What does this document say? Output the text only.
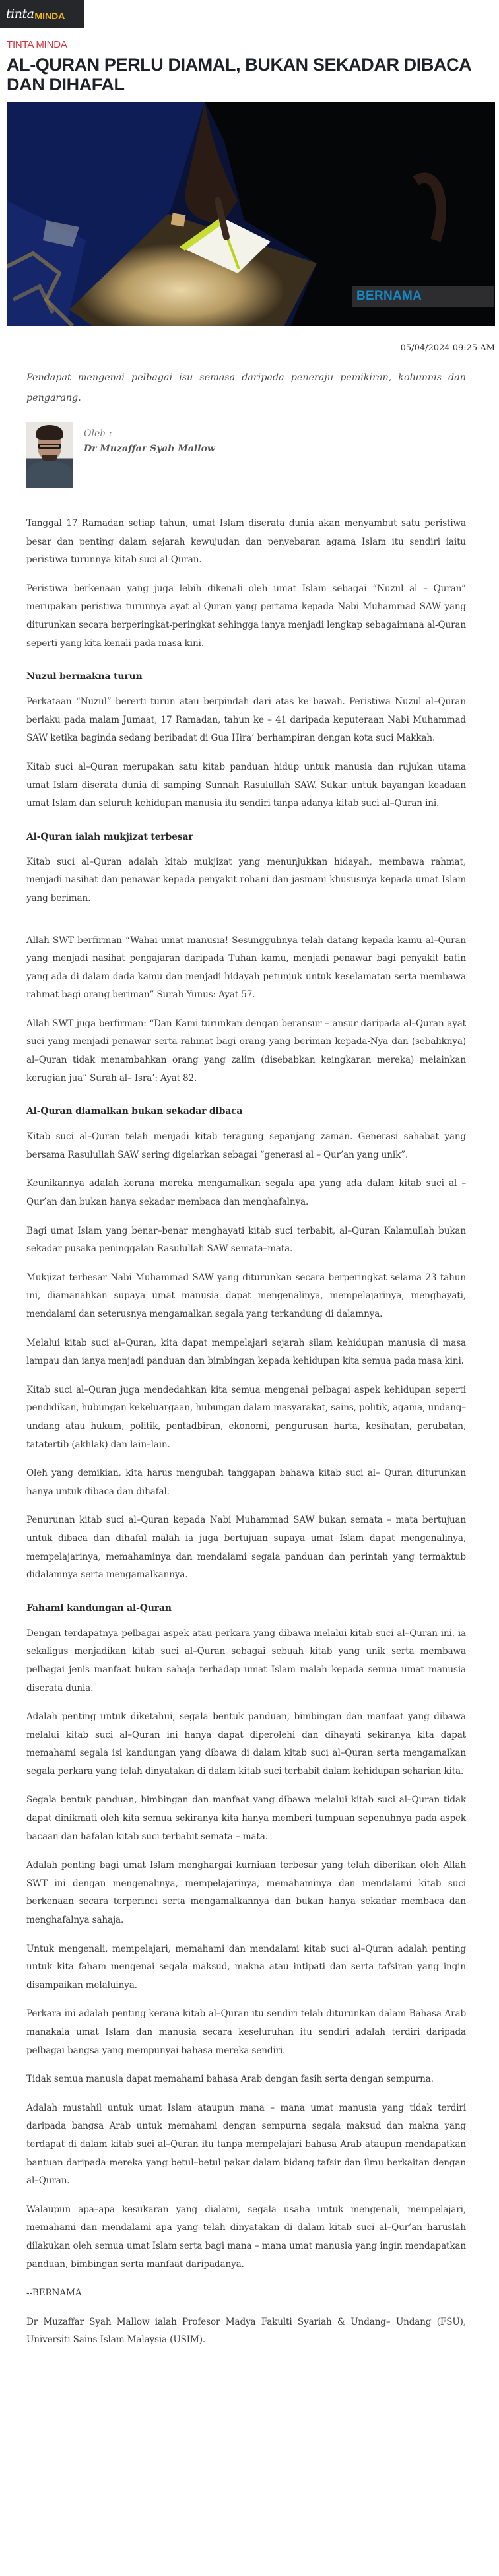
tinta MINDA
TINTA MINDA
AL-QURAN PERLU DIAMAL, BUKAN SEKADAR DIBACA DAN DIHAFAL
BERNAMA
05/04/2024 09:25 AM

Pendapat mengenai pelbagai isu semasa daripada peneraju pemikiran, kolumnis dan pengarang.

Oleh :
Dr Muzaffar Syah Mallow

Tanggal 17 Ramadan setiap tahun, umat Islam diserata dunia akan menyambut satu peristiwa besar dan penting dalam sejarah kewujudan dan penyebaran agama Islam itu sendiri iaitu peristiwa turunnya kitab suci al-Quran.

Peristiwa berkenaan yang juga lebih dikenali oleh umat Islam sebagai “Nuzul al – Quran” merupakan peristiwa turunnya ayat al-Quran yang pertama kepada Nabi Muhammad SAW yang diturunkan secara berperingkat-peringkat sehingga ianya menjadi lengkap sebagaimana al-Quran seperti yang kita kenali pada masa kini.

Nuzul bermakna turun

Perkataan “Nuzul” bererti turun atau berpindah dari atas ke bawah. Peristiwa Nuzul al–Quran berlaku pada malam Jumaat, 17 Ramadan, tahun ke – 41 daripada keputeraan Nabi Muhammad SAW ketika baginda sedang beribadat di Gua Hira’ berhampiran dengan kota suci Makkah.

Kitab suci al–Quran merupakan satu kitab panduan hidup untuk manusia dan rujukan utama umat Islam diserata dunia di samping Sunnah Rasulullah SAW. Sukar untuk bayangan keadaan umat Islam dan seluruh kehidupan manusia itu sendiri tanpa adanya kitab suci al–Quran ini.

Al-Quran ialah mukjizat terbesar

Kitab suci al–Quran adalah kitab mukjizat yang menunjukkan hidayah, membawa rahmat, menjadi nasihat dan penawar kepada penyakit rohani dan jasmani khususnya kepada umat Islam yang beriman.

Allah SWT berfirman “Wahai umat manusia! Sesungguhnya telah datang kepada kamu al–Quran yang menjadi nasihat pengajaran daripada Tuhan kamu, menjadi penawar bagi penyakit batin yang ada di dalam dada kamu dan menjadi hidayah petunjuk untuk keselamatan serta membawa rahmat bagi orang beriman” Surah Yunus: Ayat 57.

Allah SWT juga berfirman: “Dan Kami turunkan dengan beransur – ansur daripada al–Quran ayat suci yang menjadi penawar serta rahmat bagi orang yang beriman kepada-Nya dan (sebaliknya) al–Quran tidak menambahkan orang yang zalim (disebabkan keingkaran mereka) melainkan kerugian jua” Surah al– Isra’: Ayat 82.

Al-Quran diamalkan bukan sekadar dibaca

Kitab suci al–Quran telah menjadi kitab teragung sepanjang zaman. Generasi sahabat yang bersama Rasulullah SAW sering digelarkan sebagai “generasi al – Qur’an yang unik”.

Keunikannya adalah kerana mereka mengamalkan segala apa yang ada dalam kitab suci al – Qur’an dan bukan hanya sekadar membaca dan menghafalnya.

Bagi umat Islam yang benar–benar menghayati kitab suci terbabit, al–Quran Kalamullah bukan sekadar pusaka peninggalan Rasulullah SAW semata–mata.

Mukjizat terbesar Nabi Muhammad SAW yang diturunkan secara berperingkat selama 23 tahun ini, diamanahkan supaya umat manusia dapat mengenalinya, mempelajarinya, menghayati, mendalami dan seterusnya mengamalkan segala yang terkandung di dalamnya.

Melalui kitab suci al–Quran, kita dapat mempelajari sejarah silam kehidupan manusia di masa lampau dan ianya menjadi panduan dan bimbingan kepada kehidupan kita semua pada masa kini.

Kitab suci al–Quran juga mendedahkan kita semua mengenai pelbagai aspek kehidupan seperti pendidikan, hubungan kekeluargaan, hubungan dalam masyarakat, sains, politik, agama, undang–undang atau hukum, politik, pentadbiran, ekonomi, pengurusan harta, kesihatan, perubatan, tatatertib (akhlak) dan lain–lain.

Oleh yang demikian, kita harus mengubah tanggapan bahawa kitab suci al– Quran diturunkan hanya untuk dibaca dan dihafal.

Penurunan kitab suci al–Quran kepada Nabi Muhammad SAW bukan semata – mata bertujuan untuk dibaca dan dihafal malah ia juga bertujuan supaya umat Islam dapat mengenalinya, mempelajarinya, memahaminya dan mendalami segala panduan dan perintah yang termaktub didalamnya serta mengamalkannya.

Fahami kandungan al-Quran

Dengan terdapatnya pelbagai aspek atau perkara yang dibawa melalui kitab suci al–Quran ini, ia sekaligus menjadikan kitab suci al–Quran sebagai sebuah kitab yang unik serta membawa pelbagai jenis manfaat bukan sahaja terhadap umat Islam malah kepada semua umat manusia diserata dunia.

Adalah penting untuk diketahui, segala bentuk panduan, bimbingan dan manfaat yang dibawa melalui kitab suci al–Quran ini hanya dapat diperolehi dan dihayati sekiranya kita dapat memahami segala isi kandungan yang dibawa di dalam kitab suci al–Quran serta mengamalkan segala perkara yang telah dinyatakan di dalam kitab suci terbabit dalam kehidupan seharian kita.

Segala bentuk panduan, bimbingan dan manfaat yang dibawa melalui kitab suci al–Quran tidak dapat dinikmati oleh kita semua sekiranya kita hanya memberi tumpuan sepenuhnya pada aspek bacaan dan hafalan kitab suci terbabit semata – mata.

Adalah penting bagi umat Islam menghargai kurniaan terbesar yang telah diberikan oleh Allah SWT ini dengan mengenalinya, mempelajarinya, memahaminya dan mendalami kitab suci berkenaan secara terperinci serta mengamalkannya dan bukan hanya sekadar membaca dan menghafalnya sahaja.

Untuk mengenali, mempelajari, memahami dan mendalami kitab suci al–Quran adalah penting untuk kita faham mengenai segala maksud, makna atau intipati dan serta tafsiran yang ingin disampaikan melaluinya.

Perkara ini adalah penting kerana kitab al–Quran itu sendiri telah diturunkan dalam Bahasa Arab manakala umat Islam dan manusia secara keseluruhan itu sendiri adalah terdiri daripada pelbagai bangsa yang mempunyai bahasa mereka sendiri.

Tidak semua manusia dapat memahami bahasa Arab dengan fasih serta dengan sempurna.

Adalah mustahil untuk umat Islam ataupun mana – mana umat manusia yang tidak terdiri daripada bangsa Arab untuk memahami dengan sempurna segala maksud dan makna yang terdapat di dalam kitab suci al–Quran itu tanpa mempelajari bahasa Arab ataupun mendapatkan bantuan daripada mereka yang betul–betul pakar dalam bidang tafsir dan ilmu berkaitan dengan al–Quran.

Walaupun apa–apa kesukaran yang dialami, segala usaha untuk mengenali, mempelajari, memahami dan mendalami apa yang telah dinyatakan di dalam kitab suci al–Qur’an haruslah dilakukan oleh semua umat Islam serta bagi mana – mana umat manusia yang ingin mendapatkan panduan, bimbingan serta manfaat daripadanya.

--BERNAMA

Dr Muzaffar Syah Mallow ialah Profesor Madya Fakulti Syariah & Undang– Undang (FSU), Universiti Sains Islam Malaysia (USIM).
